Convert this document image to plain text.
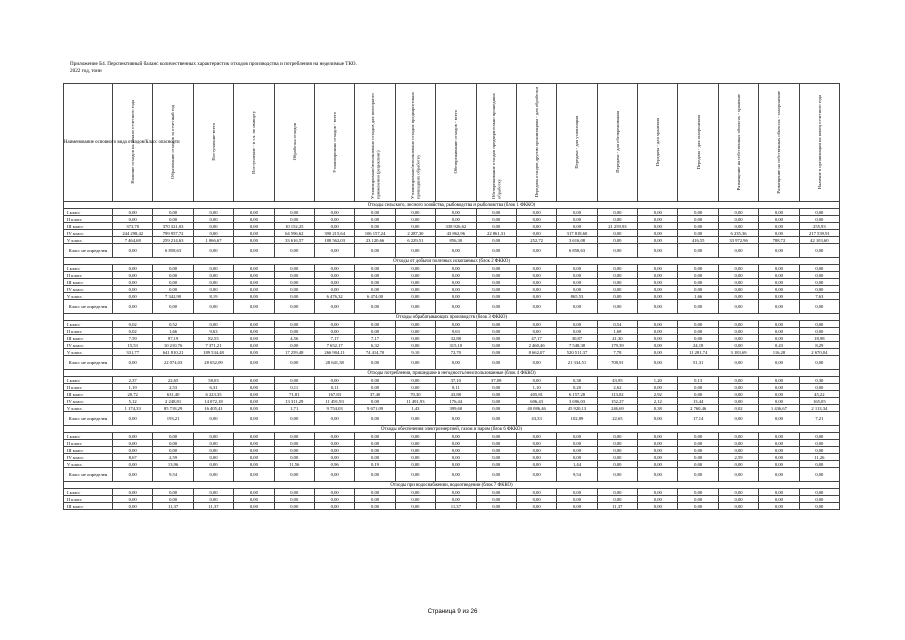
Приложение Б4. Перспективный баланс количественных характеристик отходов производства и потребления на неделимые ТКО.
2022 год, тонн
Наименование основного вида отходов/Класс опасности	Наличие отходов на начало отчетного года	Образование отходов за отчетный год	Поступление-всего	Поступление - в т.ч. по импорту	Обработка отходов	Утилизировано отходов - всего	Утилизировано/использовано отходов для повторного применения (рециклинг)	Утилизировано/использовано отходов предварительно прошедших обработку	Обезвреживание отходов - всего	Обезвреживание отходов предварительно прошедших обработку	Передача отходов другим организациям - для обработки	Передача - для утилизации	Передача - для обезвреживания	Передача - для хранения	Передача - для захоронения	Размещение на собственных объектах - хранение	Размещение на собственных объектах - захоронение	Наличие в организации на конец отчетного года
Отходы сельского, лесного хозяйства, рыбоводства и рыболовства (блок 1 ФККО)																		
I класс	0,00	0,00	0,00	0,00	0,00	0,00	0,00	0,00	0,00	0,00	0,00	0,00	0,00	0,00	0,00	0,00	0,00	0,00
II класс	0,00	0,00	0,00	0,00	0,00	0,00	0,00	0,00	0,00	0,00	0,00	0,00	0,00	0,00	0,00	0,00	0,00	0,00
III класс	373,70	370 321,03	0,00	0,00	10 152,25	0,00	0,00	0,00	338 926,62	0,00	0,00	0,00	21 259,93	0,00	0,00	0,00	0,00	255,93
IV класс	244 298,42	799 957,72	0,00	0,00	64 596,62	390 215,64	106 157,24	2 287,30	43 862,96	22 861,31	0,00	317 818,60	0,00	0,00	0,00	6 235,36	0,00	217 539,91
V класс	7 464,68	259 214,63	1 066,67	0,00	33 616,57	188 562,03	23 120,66	6 229,51	856,30	0,00	252,72	3 616,08	0,00	0,00	416,55	33 972,96	788,72	42 103,60
Класс не определен	0,00	6 858,63	0,00	0,00	0,00	0,00	0,00	0,00	0,00	0,00	0,00	6 858,63	0,00	0,00	0,00	0,00	0,00	0,00
Отходы от добычи полезных ископаемых (блок 2 ФККО)																		
I класс	0,00	0,00	0,00	0,00	0,00	0,00	0,00	0,00	0,00	0,00	0,00	0,00	0,00	0,00	0,00	0,00	0,00	0,00
II класс	0,00	0,00	0,00	0,00	0,00	0,00	0,00	0,00	0,00	0,00	0,00	0,00	0,00	0,00	0,00	0,00	0,00	0,00
III класс	0,00	0,00	0,00	0,00	0,00	0,00	0,00	0,00	0,00	0,00	0,00	0,00	0,00	0,00	0,00	0,00	0,00	0,00
IV класс	0,00	0,00	0,00	0,00	0,00	0,00	0,00	0,00	0,00	0,00	0,00	0,00	0,00	0,00	0,00	0,00	0,00	0,00
V класс	0,00	7 342,90	8,19	0,00	0,00	6 476,32	6 474,00	0,00	0,00	0,00	0,00	865,53	0,00	0,00	1,66	0,00	0,00	7,63
Класс не определен	0,00	0,00	0,00	0,00	0,00	0,00	0,00	0,00	0,00	0,00	0,00	0,00	0,00	0,00	0,00	0,00	0,00	0,00
Отходы обрабатывающих производств (блок 3 ФККО)																		
I класс	0,02	0,52	0,00	0,00	0,00	0,00	0,00	0,00	0,00	0,00	0,00	0,00	0,54	0,00	0,00	0,00	0,00	0,00
II класс	0,02	1,66	9,63	0,00	0,00	0,00	0,00	0,00	9,63	0,00	0,00	0,00	1,68	0,00	0,00	0,00	0,00	0,00
III класс	7,59	97,19	82,55	0,00	4,56	7,17	7,17	0,00	32,88	0,00	47,17	30,87	41,30	0,00	0,00	0,00	0,00	18,98
IV класс	15,53	10 210,76	7 371,21	0,00	0,00	7 652,17	6,32	0,00	315,10	0,00	2 460,46	7 548,38	179,39	0,00	24,18	0,00	0,43	8,29
V класс	331,77	641 810,21	189 534,48	0,00	17 259,48	266 904,11	74 414,70	9,10	72,70	0,00	8 662,07	520 511,37	7,78	0,00	11 281,74	3 183,69	116,28	2 670,04
Класс не определен	0,00	22 074,03	28 652,09	0,00	0,00	28 641,38	0,00	0,00	0,00	0,00	0,00	21 334,51	708,91	0,00	51,31	0,00	0,00	0,00
Отходы потребления, пришедшие в негодность/неиспользованные (блок 4 ФККО)																		
I класс	2,37	22,65	58,03	0,00	0,00	0,00	0,00	0,00	37,10	37,08	0,00	0,38	43,95	1,20	0,13	0,00	0,00	0,30
II класс	1,19	2,53	6,31	0,00	0,11	0,11	0,00	0,00	0,11	0,00	1,10	0,20	2,62	0,00	0,00	0,00	0,00	0,00
III класс	20,72	631,40	6 223,35	0,00	71,81	167,83	37,40	70,30	43,88	0,00	405,81	6 157,28	113,02	2,92	0,00	0,00	0,00	45,22
IV класс	5,12	2 248,81	14 072,18	0,00	13 311,29	11 491,93	0,00	11 491,93	176,44	0,00	606,43	3 696,03	152,27	2,12	13,44	0,00	0,00	165,05
V класс	1 174,33	85 718,29	16 405,41	0,00	1,71	9 754,03	9 671,09	1,43	399,60	0,00	40 086,46	45 920,13	246,69	0,38	2 760,46	0,02	1 436,67	2 113,34
Класс не определен	0,00	193,21	0,00	0,00	0,00	0,00	0,00	0,00	0,00	0,00	43,33	102,89	22,65	0,00	17,14	0,00	0,00	7,21
Отходы обеспечения электроэнергией, газом и паром (блок 6 ФККО)																		
I класс	0,00	0,00	0,00	0,00	0,00	0,00	0,00	0,00	0,00	0,00	0,00	0,00	0,00	0,00	0,00	0,00	0,00	0,00
II класс	0,00	0,00	0,00	0,00	0,00	0,00	0,00	0,00	0,00	0,00	0,00	0,00	0,00	0,00	0,00	0,00	0,00	0,00
III класс	0,00	0,00	0,00	0,00	0,00	0,00	0,00	0,00	0,00	0,00	0,00	0,00	0,00	0,00	0,00	0,00	0,00	0,00
IV класс	8,67	2,59	0,00	0,00	0,00	0,00	0,00	0,00	0,00	0,00	0,00	0,00	0,00	0,00	0,00	2,59	0,00	11,26
V класс	0,00	13,96	0,00	0,00	11,56	0,96	0,19	0,00	0,00	0,00	0,00	1,44	0,00	0,00	0,00	0,00	0,00	0,00
Класс не определен	0,00	9,54	0,00	0,00	0,00	0,00	0,00	0,00	0,00	0,00	0,00	9,54	0,00	0,00	0,00	0,00	0,00	0,00
Отходы при водоснабжении, водоотведении (блок 7 ФККО)																		
I класс	0,00	0,00	0,00	0,00	0,00	0,00	0,00	0,00	0,00	0,00	0,00	0,00	0,00	0,00	0,00	0,00	0,00	0,00
II класс	0,00	0,00	0,00	0,00	0,00	0,00	0,00	0,00	0,00	0,00	0,00	0,00	0,00	0,00	0,00	0,00	0,00	0,00
III класс	0,00	11,37	11,37	0,00	0,00	0,00	0,00	0,00	11,37	0,00	0,00	0,00	11,37	0,00	0,00	0,00	0,00	0,00
Страница 9 из 26
